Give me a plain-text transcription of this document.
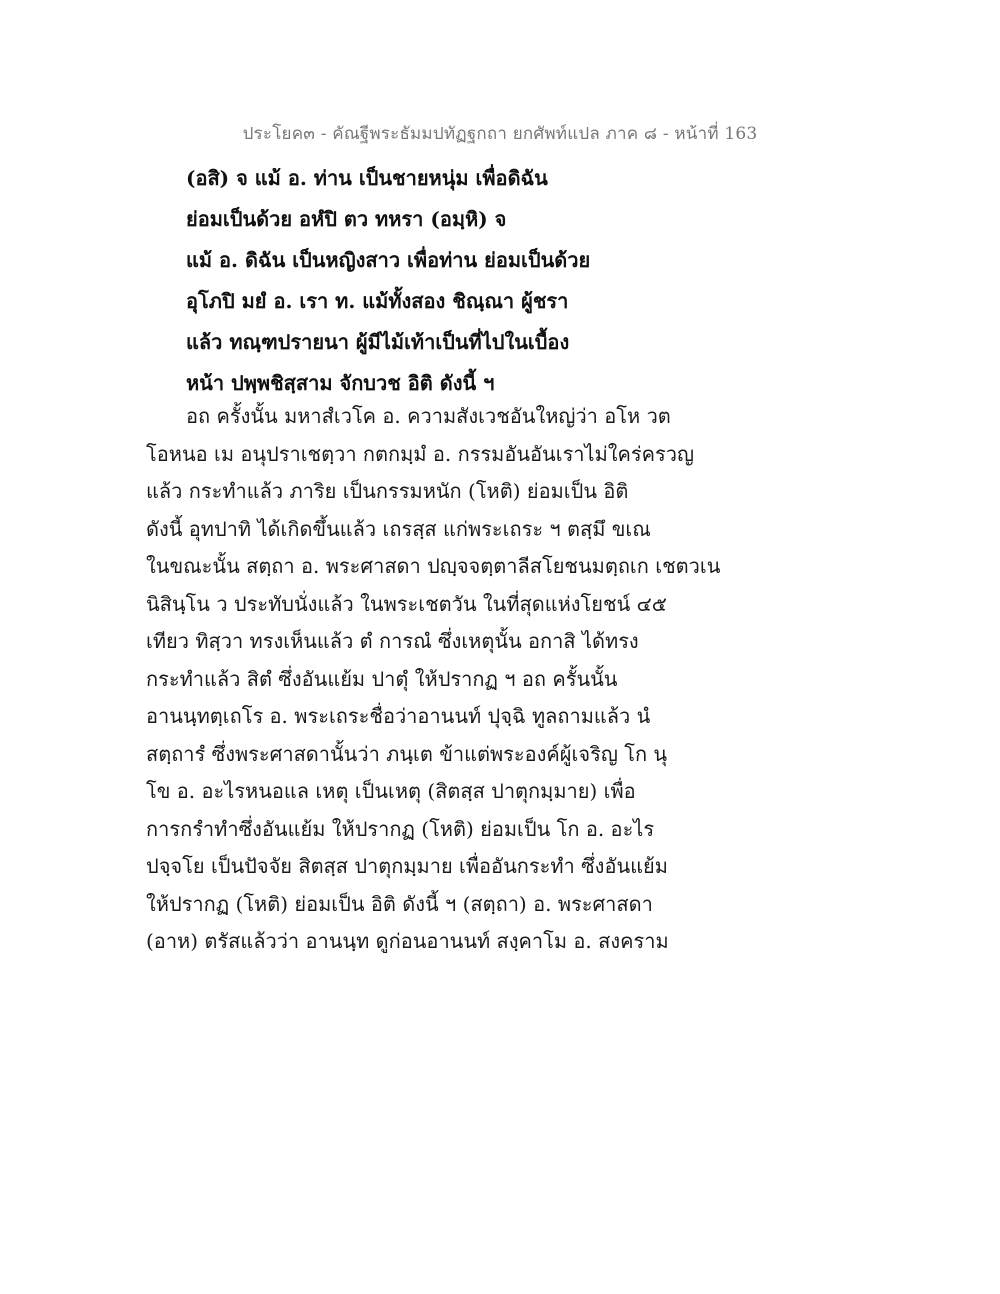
ประโยค๓ - คัณฐีพระธัมมปทัฏฐกถา ยกศัพท์แปล ภาค ๘ - หน้าที่ 163
(อสิ) จ แม้ อ. ท่าน เป็นชายหนุ่ม เพื่อดิฉัน
ย่อมเป็นด้วย อหํปิ ตว ทหรา (อมฺหิ) จ
แม้ อ. ดิฉัน เป็นหญิงสาว เพื่อท่าน ย่อมเป็นด้วย
อุโภปิ มยํ อ. เรา ท. แม้ทั้งสอง ชิณฺณา ผู้ชรา
แล้ว ทณฺฑปรายนา ผู้มีไม้เท้าเป็นที่ไปในเบื้อง
หน้า ปพฺพชิสฺสาม จักบวช อิติ ดังนี้ ฯ
อถ ครั้งนั้น มหาสํเวโค อ. ความสังเวชอันใหญ่ว่า อโห วต
โอหนอ เม อนุปราเชตฺวา กตกมฺมํ อ. กรรมอันอันเราไม่ใคร่ครวญ
แล้ว กระทำแล้ว ภาริย เป็นกรรมหนัก (โหติ) ย่อมเป็น อิติ
ดังนี้ อุทปาทิ ได้เกิดขึ้นแล้ว เถรสฺส แก่พระเถระ ฯ ตสฺมึ ขเณ
ในขณะนั้น สตฺถา อ. พระศาสดา ปญฺจจตฺตาลีสโยชนมตฺถเก เชตวเน
นิสินฺโน ว ประทับนั่งแล้ว ในพระเชตวัน ในที่สุดแห่งโยชน์ ๔๕
เทียว ทิสฺวา ทรงเห็นแล้ว ตํ การณํ ซึ่งเหตุนั้น อกาสิ ได้ทรง
กระทำแล้ว สิตํ ซึ่งอันแย้ม ปาตุํ ให้ปรากฏ ฯ อถ ครั้นนั้น
อานนฺทตฺเถโร อ. พระเถระชื่อว่าอานนท์ ปุจฺฉิ ทูลถามแล้ว นํ
สตฺถารํ ซึ่งพระศาสดานั้นว่า ภนฺเต ข้าแต่พระองค์ผู้เจริญ โก นุ
โข อ. อะไรหนอแล เหตุ เป็นเหตุ (สิตสฺส ปาตุกมฺมาย) เพื่อ
การกรำทำซึ่งอันแย้ม ให้ปรากฏ (โหติ) ย่อมเป็น โก อ. อะไร
ปจฺจโย เป็นปัจจัย สิตสฺส ปาตุกมฺมาย เพื่ออันกระทำ ซึ่งอันแย้ม
ให้ปรากฏ (โหติ) ย่อมเป็น อิติ ดังนี้ ฯ (สตฺถา) อ. พระศาสดา
(อาห) ตรัสแล้วว่า อานนฺท ดูก่อนอานนท์ สงฺคาโม อ. สงคราม
